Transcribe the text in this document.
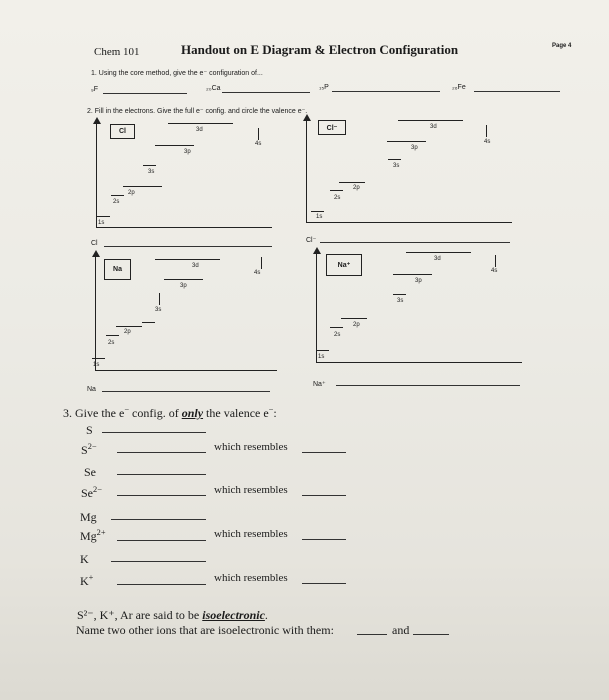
Chem 101	Handout on E Diagram & Electron Configuration	Page 4
1. Using the core method, give the e⁻ configuration of...
₉F	₂₀Ca	₁₅P	₂₆Fe
2. Fill in the electrons. Give the full e⁻ config. and circle the valence e⁻.
Cl
1s
2s
2p
3s
3p
3d
4s
Cl
Cl⁻
1s
2s
2p
3s
3p
3d
4s
Cl⁻
Na
1s
2s
2p
3s
3p
3d
4s
Na
Na⁺
1s
2s
2p
3s
3p
3d
4s
Na⁺
3. Give the e− config. of only the valence e−:
S
$S^{2-}$	which resembles
Se
$Se^{2-}$	which resembles
Mg
$Mg^{2+}$	which resembles
K
K+	which resembles
S²⁻, K⁺, Ar are said to be isoelectronic.
Name two other ions that are isoelectronic with them:	and
